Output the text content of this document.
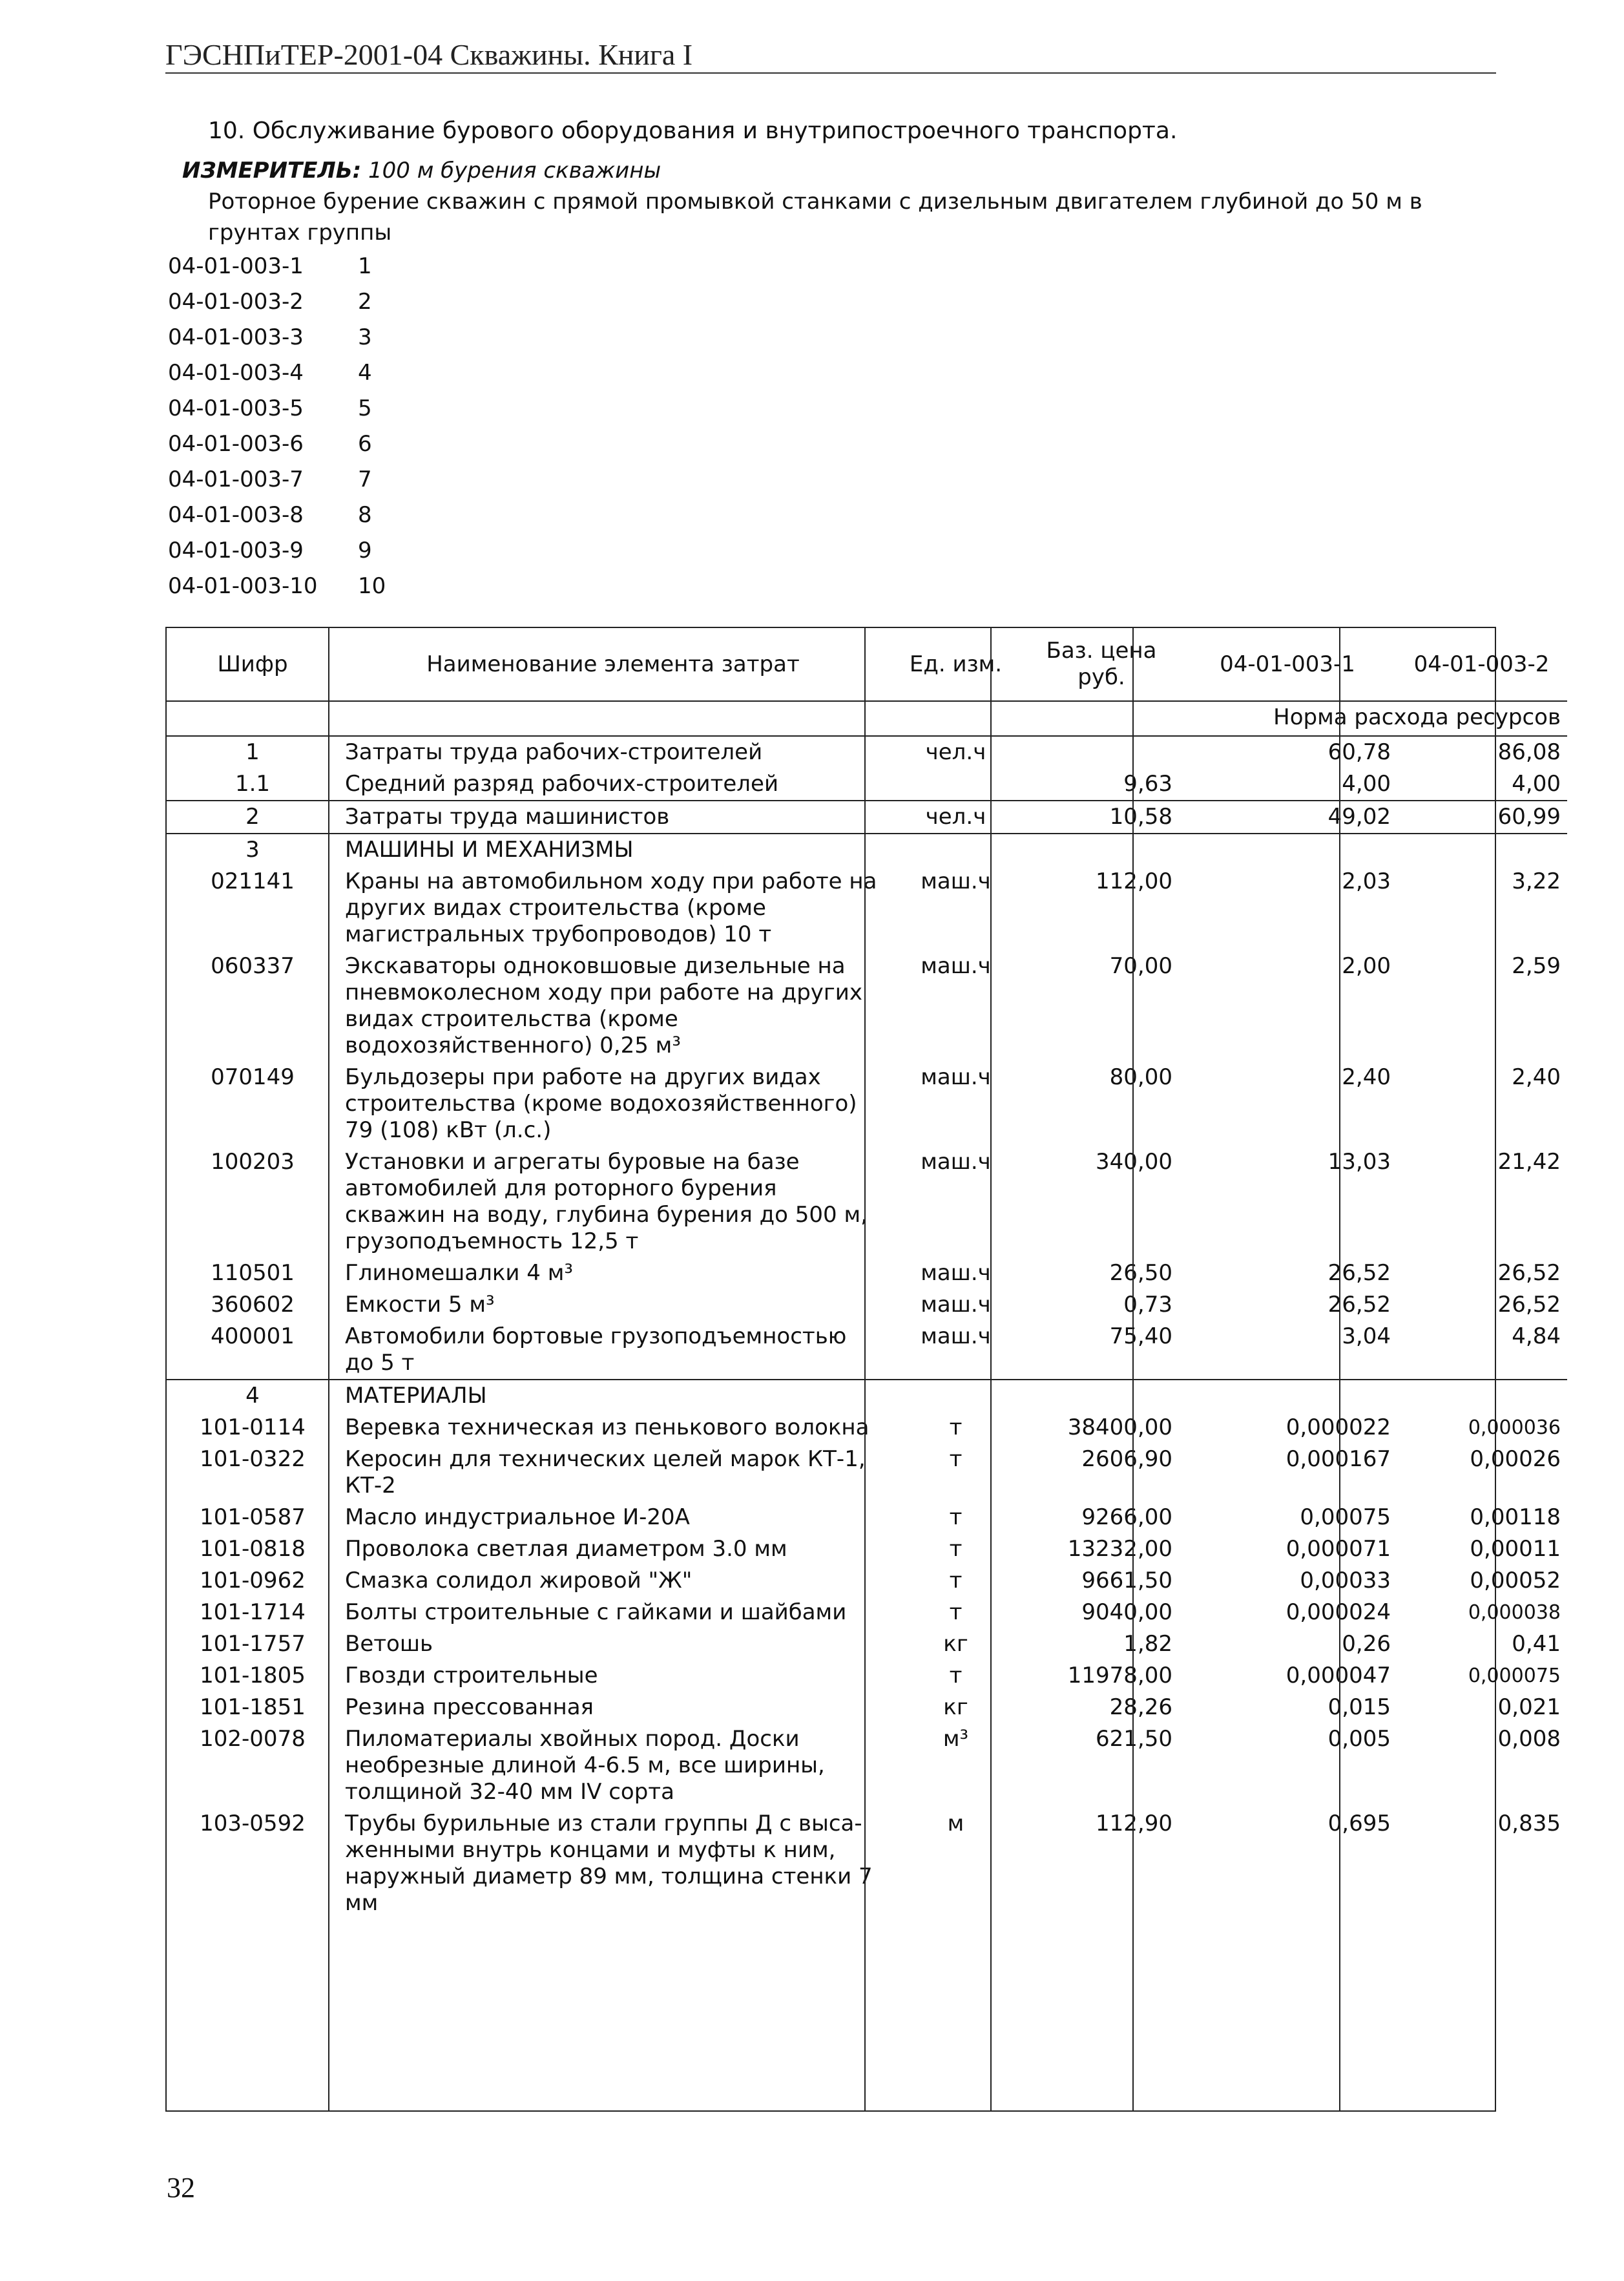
ГЭСНПиТЕР-2001-04 Скважины. Книга I
10. Обслуживание бурового оборудования и внутрипостроечного транспорта.
ИЗМЕРИТЕЛЬ: 100 м бурения скважины
Роторное бурение скважин с прямой промывкой станками с дизельным двигателем глубиной до 50 м в грунтах группы
04-01-003-1	1
04-01-003-2	2
04-01-003-3	3
04-01-003-4	4
04-01-003-5	5
04-01-003-6	6
04-01-003-7	7
04-01-003-8	8
04-01-003-9	9
04-01-003-10	10
Шифр	Наименование элемента затрат	Ед. изм.	Баз. цена руб.	04-01-003-1	04-01-003-2
Норма расхода ресурсов					
1	Затраты труда рабочих-строителей	чел.ч		60,78	86,08
1.1	Средний разряд рабочих-строителей		9,63	4,00	4,00
2	Затраты труда машинистов	чел.ч	10,58	49,02	60,99
3	МАШИНЫ И МЕХАНИЗМЫ				
021141	Краны на автомобильном ходу при работе на других видах строительства (кроме магистральных трубопроводов) 10 т	маш.ч	112,00	2,03	3,22
060337	Экскаваторы одноковшовые дизельные на пневмоколесном ходу при работе на других видах строительства (кроме водохозяйственного) 0,25 м³	маш.ч	70,00	2,00	2,59
070149	Бульдозеры при работе на других видах строительства (кроме водохозяйственного) 79 (108) кВт (л.с.)	маш.ч	80,00	2,40	2,40
100203	Установки и агрегаты буровые на базе автомобилей для роторного бурения скважин на воду, глубина бурения до 500 м, грузоподъемность 12,5 т	маш.ч	340,00	13,03	21,42
110501	Глиномешалки 4 м³	маш.ч	26,50	26,52	26,52
360602	Емкости 5 м³	маш.ч	0,73	26,52	26,52
400001	Автомобили бортовые грузоподъемностью до 5 т	маш.ч	75,40	3,04	4,84
4	МАТЕРИАЛЫ				
101-0114	Веревка техническая из пенькового волокна	т	38400,00	0,000022	0,000036
101-0322	Керосин для технических целей марок КТ-1, КТ-2	т	2606,90	0,000167	0,00026
101-0587	Масло индустриальное И-20А	т	9266,00	0,00075	0,00118
101-0818	Проволока светлая диаметром 3.0 мм	т	13232,00	0,000071	0,00011
101-0962	Смазка солидол жировой "Ж"	т	9661,50	0,00033	0,00052
101-1714	Болты строительные с гайками и шайбами	т	9040,00	0,000024	0,000038
101-1757	Ветошь	кг	1,82	0,26	0,41
101-1805	Гвозди строительные	т	11978,00	0,000047	0,000075
101-1851	Резина прессованная	кг	28,26	0,015	0,021
102-0078	Пиломатериалы хвойных пород. Доски необрезные длиной 4-6.5 м, все ширины, толщиной 32-40 мм IV сорта	м³	621,50	0,005	0,008
103-0592	Трубы бурильные из стали группы Д с выса-женными внутрь концами и муфты к ним, наружный диаметр 89 мм, толщина стенки 7 мм	м	112,90	0,695	0,835
32
